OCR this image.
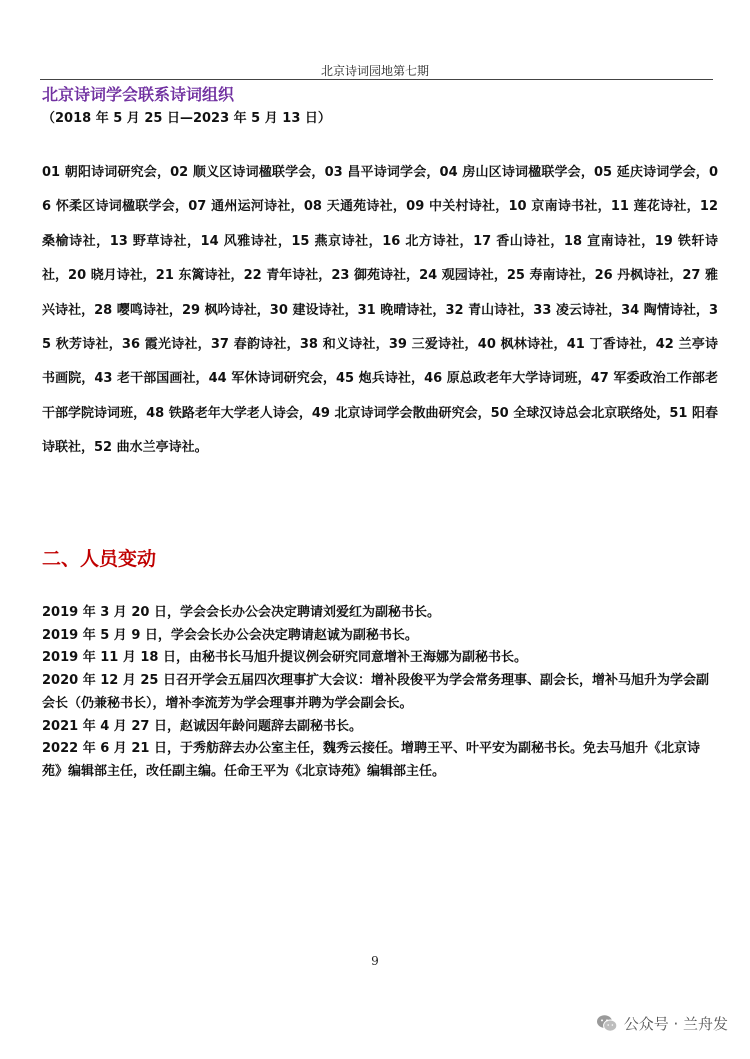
北京诗词园地第七期
北京诗词学会联系诗词组织
（2018 年 5 月 25 日—2023 年 5 月 13 日）
01 朝阳诗词研究会，02 顺义区诗词楹联学会，03 昌平诗词学会，04 房山区诗词楹联学会，05 延庆诗词学会，06 怀柔区诗词楹联学会，07 通州运河诗社，08 天通苑诗社，09 中关村诗社，10 京南诗书社，11 莲花诗社，12 桑榆诗社，13 野草诗社，14 风雅诗社，15 燕京诗社，16 北方诗社，17 香山诗社，18 宣南诗社，19 铁轩诗社，20 晓月诗社，21 东篱诗社，22 青年诗社，23 御苑诗社，24 观园诗社，25 寿南诗社，26 丹枫诗社，27 雅兴诗社，28 嘤鸣诗社，29 枫吟诗社，30 建设诗社，31 晚晴诗社，32 青山诗社，33 凌云诗社，34 陶情诗社，35 秋芳诗社，36 霞光诗社，37 春韵诗社，38 和义诗社，39 三爱诗社，40 枫林诗社，41 丁香诗社，42 兰亭诗书画院，43 老干部国画社，44 军休诗词研究会，45 炮兵诗社，46 原总政老年大学诗词班，47 军委政治工作部老干部学院诗词班，48 铁路老年大学老人诗会，49 北京诗词学会散曲研究会，50 全球汉诗总会北京联络处，51 阳春诗联社，52 曲水兰亭诗社。
二、人员变动
2019 年 3 月 20 日，学会会长办公会决定聘请刘爱红为副秘书长。
2019 年 5 月 9 日，学会会长办公会决定聘请赵诚为副秘书长。
2019 年 11 月 18 日，由秘书长马旭升提议例会研究同意增补王海娜为副秘书长。
2020 年 12 月 25 日召开学会五届四次理事扩大会议：增补段俊平为学会常务理事、副会长，增补马旭升为学会副会长（仍兼秘书长），增补李流芳为学会理事并聘为学会副会长。
2021 年 4 月 27 日，赵诚因年龄问题辞去副秘书长。
2022 年 6 月 21 日，于秀舫辞去办公室主任，魏秀云接任。增聘王平、叶平安为副秘书长。免去马旭升《北京诗苑》编辑部主任，改任副主编。任命王平为《北京诗苑》编辑部主任。
9
公众号 · 兰舟发
